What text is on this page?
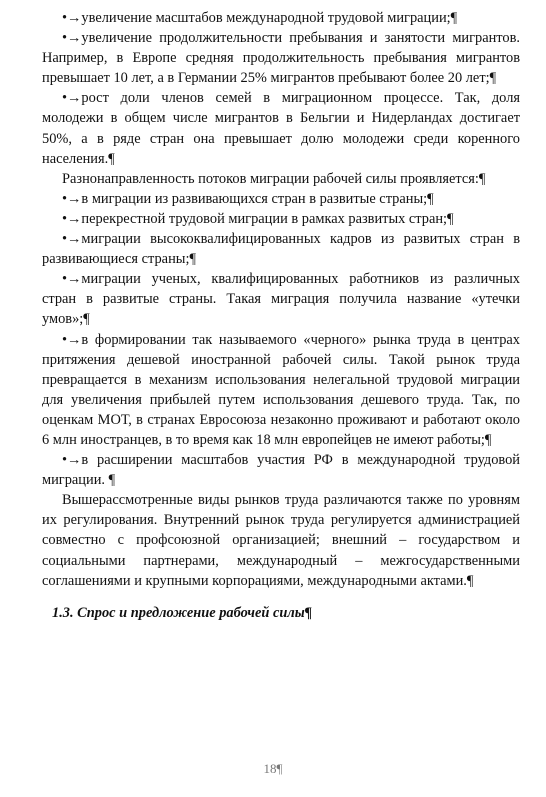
•→увеличение масштабов международной трудовой миграции;¶

•→увеличение продолжительности пребывания и занятости мигрантов. Например, в Европе средняя продолжительность пребывания мигрантов превышает 10 лет, а в Германии 25% мигрантов пребывают более 20 лет;¶

•→рост доли членов семей в миграционном процессе. Так, доля молодежи в общем числе мигрантов в Бельгии и Нидерландах достигает 50%, а в ряде стран она превышает долю молодежи среди коренного населения.¶

Разнонаправленность потоков миграции рабочей силы проявляется:¶

•→в миграции из развивающихся стран в развитые страны;¶

•→перекрестной трудовой миграции в рамках развитых стран;¶

•→миграции высококвалифицированных кадров из развитых стран в развивающиеся страны;¶

•→миграции ученых, квалифицированных работников из различных стран в развитые страны. Такая миграция получила название «утечки умов»;¶

•→в формировании так называемого «черного» рынка труда в центрах притяжения дешевой иностранной рабочей силы. Такой рынок труда превращается в механизм использования нелегальной трудовой миграции для увеличения прибылей путем использования дешевого труда. Так, по оценкам МОТ, в странах Евросоюза незаконно проживают и работают около 6 млн иностранцев, в то время как 18 млн европейцев не имеют работы;¶

•→в расширении масштабов участия РФ в международной трудовой миграции. ¶

Вышерассмотренные виды рынков труда различаются также по уровням их регулирования. Внутренний рынок труда регулируется администрацией совместно с профсоюзной организацией; внешний – государством и социальными партнерами, международный – межгосударственными соглашениями и крупными корпорациями, международными актами.¶

1.3. Спрос и предложение рабочей силы¶

18¶
